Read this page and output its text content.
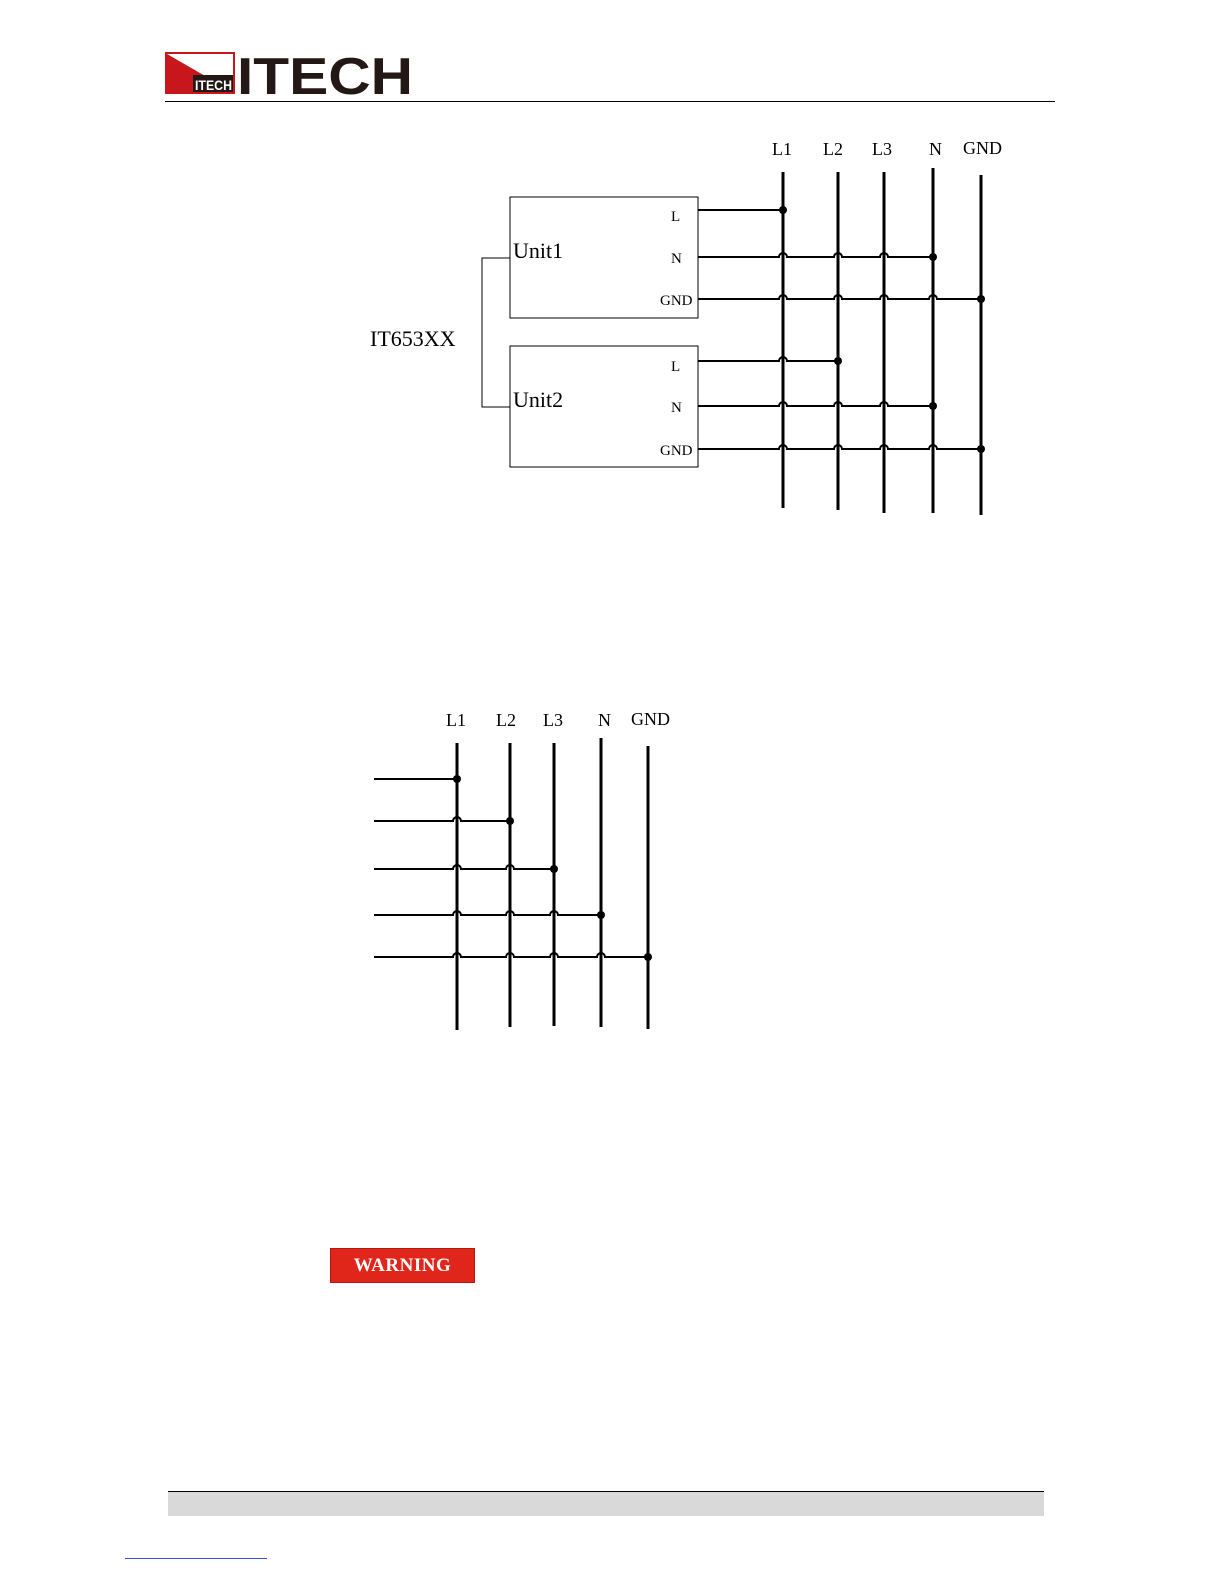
ITECH ITECH
L1 L2 L3 N GND
IT653XX
Unit1
Unit2
L
N
GND
L
N
GND
L1 L2 L3 N GND
WARNING
